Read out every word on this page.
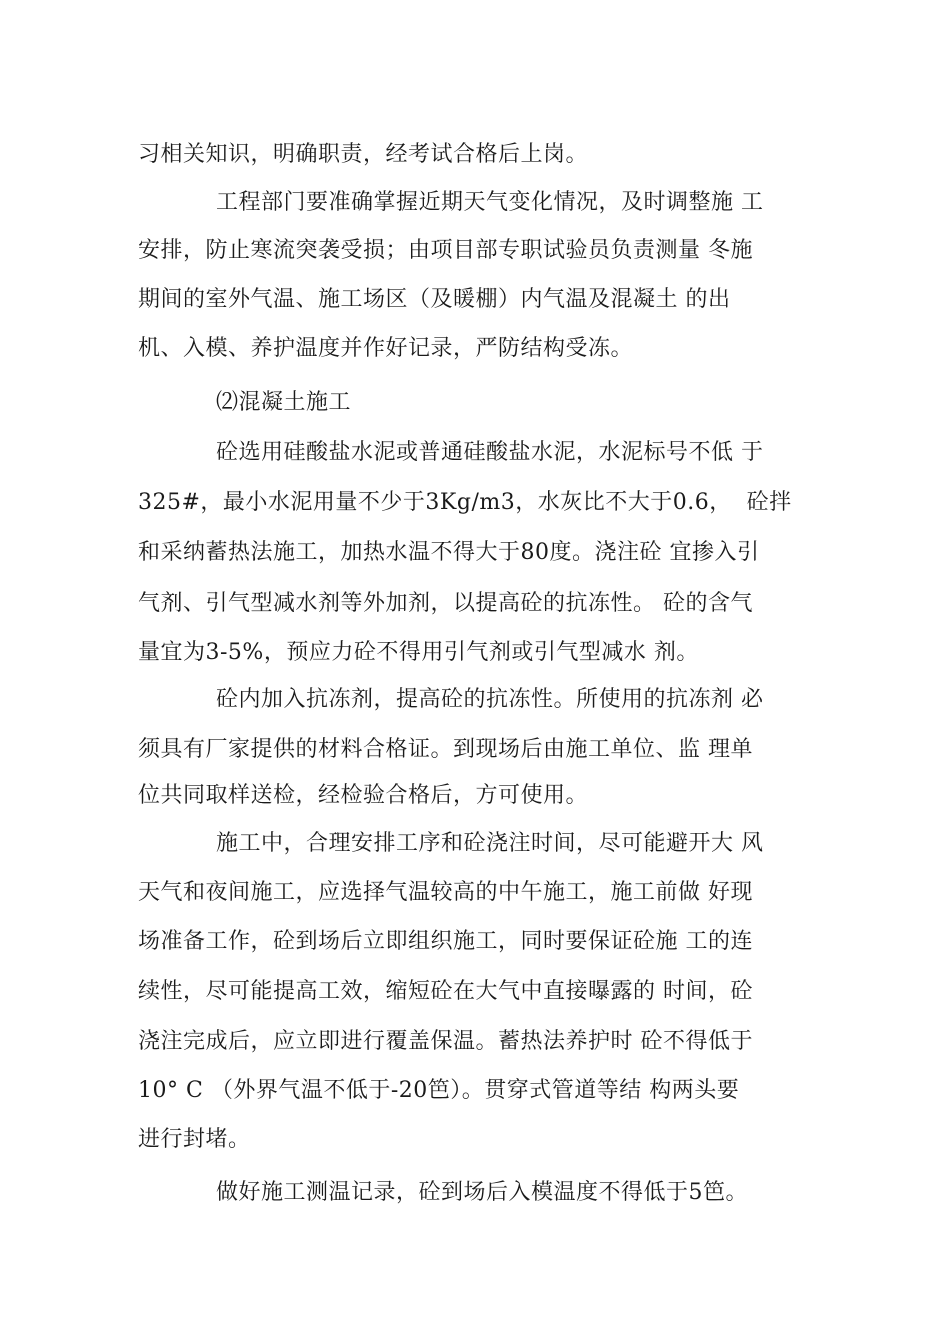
习相关知识，明确职责，经考试合格后上岗。

工程部门要准确掌握近期天气变化情况，及时调整施 工

安排，防止寒流突袭受损；由项目部专职试验员负责测量 冬施

期间的室外气温、施工场区（及暖棚）内气温及混凝土 的出

机、入模、养护温度并作好记录，严防结构受冻。

⑵混凝土施工

砼选用硅酸盐水泥或普通硅酸盐水泥，水泥标号不低 于

325#，最小水泥用量不少于3Kg/m3，水灰比不大于0.6，  砼拌

和采纳蓄热法施工，加热水温不得大于80度。浇注砼 宜掺入引

气剂、引气型减水剂等外加剂，以提高砼的抗冻性。 砼的含气

量宜为3-5%，预应力砼不得用引气剂或引气型减水 剂。

砼内加入抗冻剂，提高砼的抗冻性。所使用的抗冻剂 必

须具有厂家提供的材料合格证。到现场后由施工单位、监 理单

位共同取样送检，经检验合格后，方可使用。

施工中，合理安排工序和砼浇注时间，尽可能避开大 风

天气和夜间施工，应选择气温较高的中午施工，施工前做 好现

场准备工作，砼到场后立即组织施工，同时要保证砼施 工的连

续性，尽可能提高工效，缩短砼在大气中直接曝露的 时间，砼

浇注完成后，应立即进行覆盖保温。蓄热法养护时 砼不得低于

10° C （外界气温不低于-20笆）。贯穿式管道等结 构两头要

进行封堵。

做好施工测温记录，砼到场后入模温度不得低于5笆。
